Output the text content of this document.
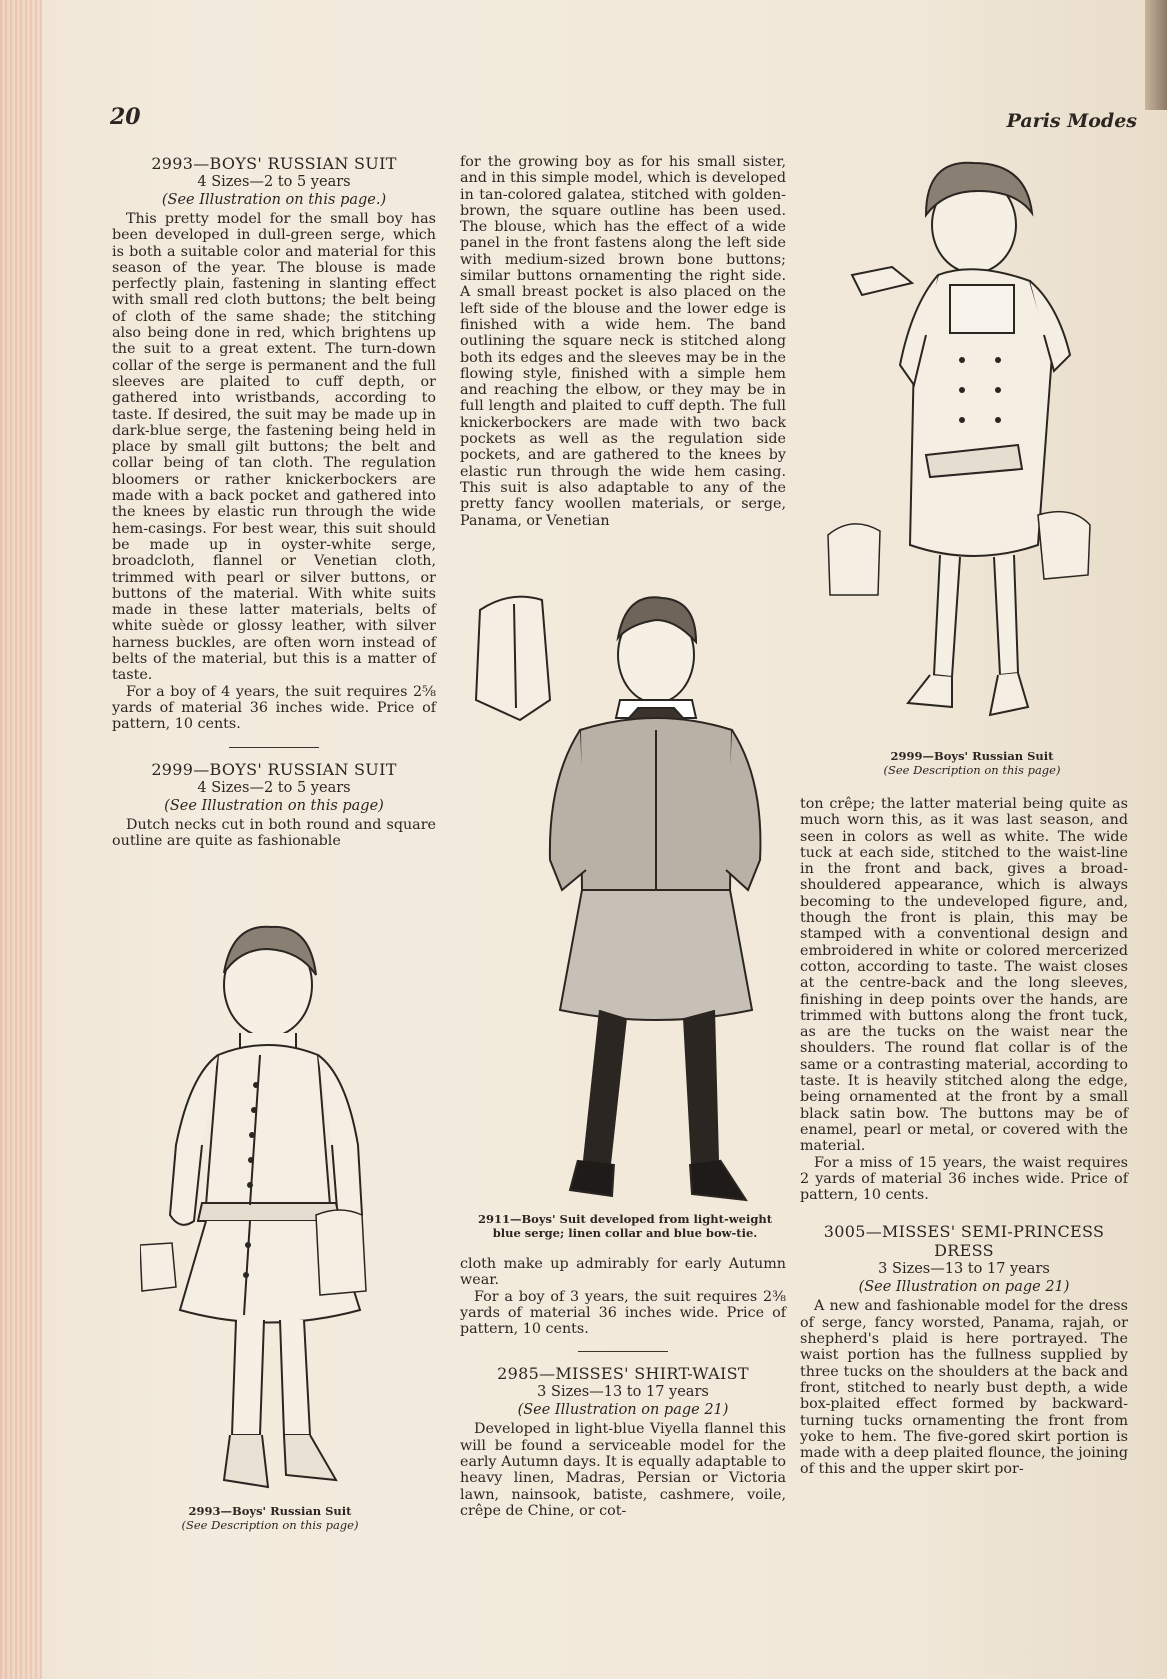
20	Paris Modes
2993—BOYS' RUSSIAN SUIT
4 Sizes—2 to 5 years
(See Illustration on this page.)

This pretty model for the small boy has been developed in dull-green serge, which is both a suitable color and material for this season of the year. The blouse is made perfectly plain, fastening in slanting effect with small red cloth buttons; the belt being of cloth of the same shade; the stitching also being done in red, which brightens up the suit to a great extent. The turn-down collar of the serge is permanent and the full sleeves are plaited to cuff depth, or gathered into wristbands, according to taste. If desired, the suit may be made up in dark-blue serge, the fastening being held in place by small gilt buttons; the belt and collar being of tan cloth. The regulation bloomers or rather knickerbockers are made with a back pocket and gathered into the knees by elastic run through the wide hem-casings. For best wear, this suit should be made up in oyster-white serge, broadcloth, flannel or Venetian cloth, trimmed with pearl or silver buttons, or buttons of the material. With white suits made in these latter materials, belts of white suède or glossy leather, with silver harness buckles, are often worn instead of belts of the material, but this is a matter of taste.

For a boy of 4 years, the suit requires 2⅝ yards of material 36 inches wide. Price of pattern, 10 cents.

2999—BOYS' RUSSIAN SUIT
4 Sizes—2 to 5 years
(See Illustration on this page)

Dutch necks cut in both round and square outline are quite as fashionable

for the growing boy as for his small sister, and in this simple model, which is developed in tan-colored galatea, stitched with golden-brown, the square outline has been used. The blouse, which has the effect of a wide panel in the front fastens along the left side with medium-sized brown bone buttons; similar buttons ornamenting the right side. A small breast pocket is also placed on the left side of the blouse and the lower edge is finished with a wide hem. The band outlining the square neck is stitched along both its edges and the sleeves may be in the flowing style, finished with a simple hem and reaching the elbow, or they may be in full length and plaited to cuff depth. The full knickerbockers are made with two back pockets as well as the regulation side pockets, and are gathered to the knees by elastic run through the wide hem casing. This suit is also adaptable to any of the pretty fancy woollen materials, or serge, Panama, or Venetian

2911—Boys' Suit developed from light-weight blue serge; linen collar and blue bow-tie.

cloth make up admirably for early Autumn wear.

For a boy of 3 years, the suit requires 2⅜ yards of material 36 inches wide. Price of pattern, 10 cents.

2985—MISSES' SHIRT-WAIST
3 Sizes—13 to 17 years
(See Illustration on page 21)

Developed in light-blue Viyella flannel this will be found a serviceable model for the early Autumn days. It is equally adaptable to heavy linen, Madras, Persian or Victoria lawn, nainsook, batiste, cashmere, voile, crêpe de Chine, or cot-

2999—Boys' Russian Suit
(See Description on this page)

ton crêpe; the latter material being quite as much worn this, as it was last season, and seen in colors as well as white. The wide tuck at each side, stitched to the waist-line in the front and back, gives a broad-shouldered appearance, which is always becoming to the undeveloped figure, and, though the front is plain, this may be stamped with a conventional design and embroidered in white or colored mercerized cotton, according to taste. The waist closes at the centre-back and the long sleeves, finishing in deep points over the hands, are trimmed with buttons along the front tuck, as are the tucks on the waist near the shoulders. The round flat collar is of the same or a contrasting material, according to taste. It is heavily stitched along the edge, being ornamented at the front by a small black satin bow. The buttons may be of enamel, pearl or metal, or covered with the material.

For a miss of 15 years, the waist requires 2 yards of material 36 inches wide. Price of pattern, 10 cents.

3005—MISSES' SEMI-PRINCESS DRESS
3 Sizes—13 to 17 years
(See Illustration on page 21)

A new and fashionable model for the dress of serge, fancy worsted, Panama, rajah, or shepherd's plaid is here portrayed. The waist portion has the fullness supplied by three tucks on the shoulders at the back and front, stitched to nearly bust depth, a wide box-plaited effect formed by backward-turning tucks ornamenting the front from yoke to hem. The five-gored skirt portion is made with a deep plaited flounce, the joining of this and the upper skirt por-

2993—Boys' Russian Suit
(See Description on this page)
